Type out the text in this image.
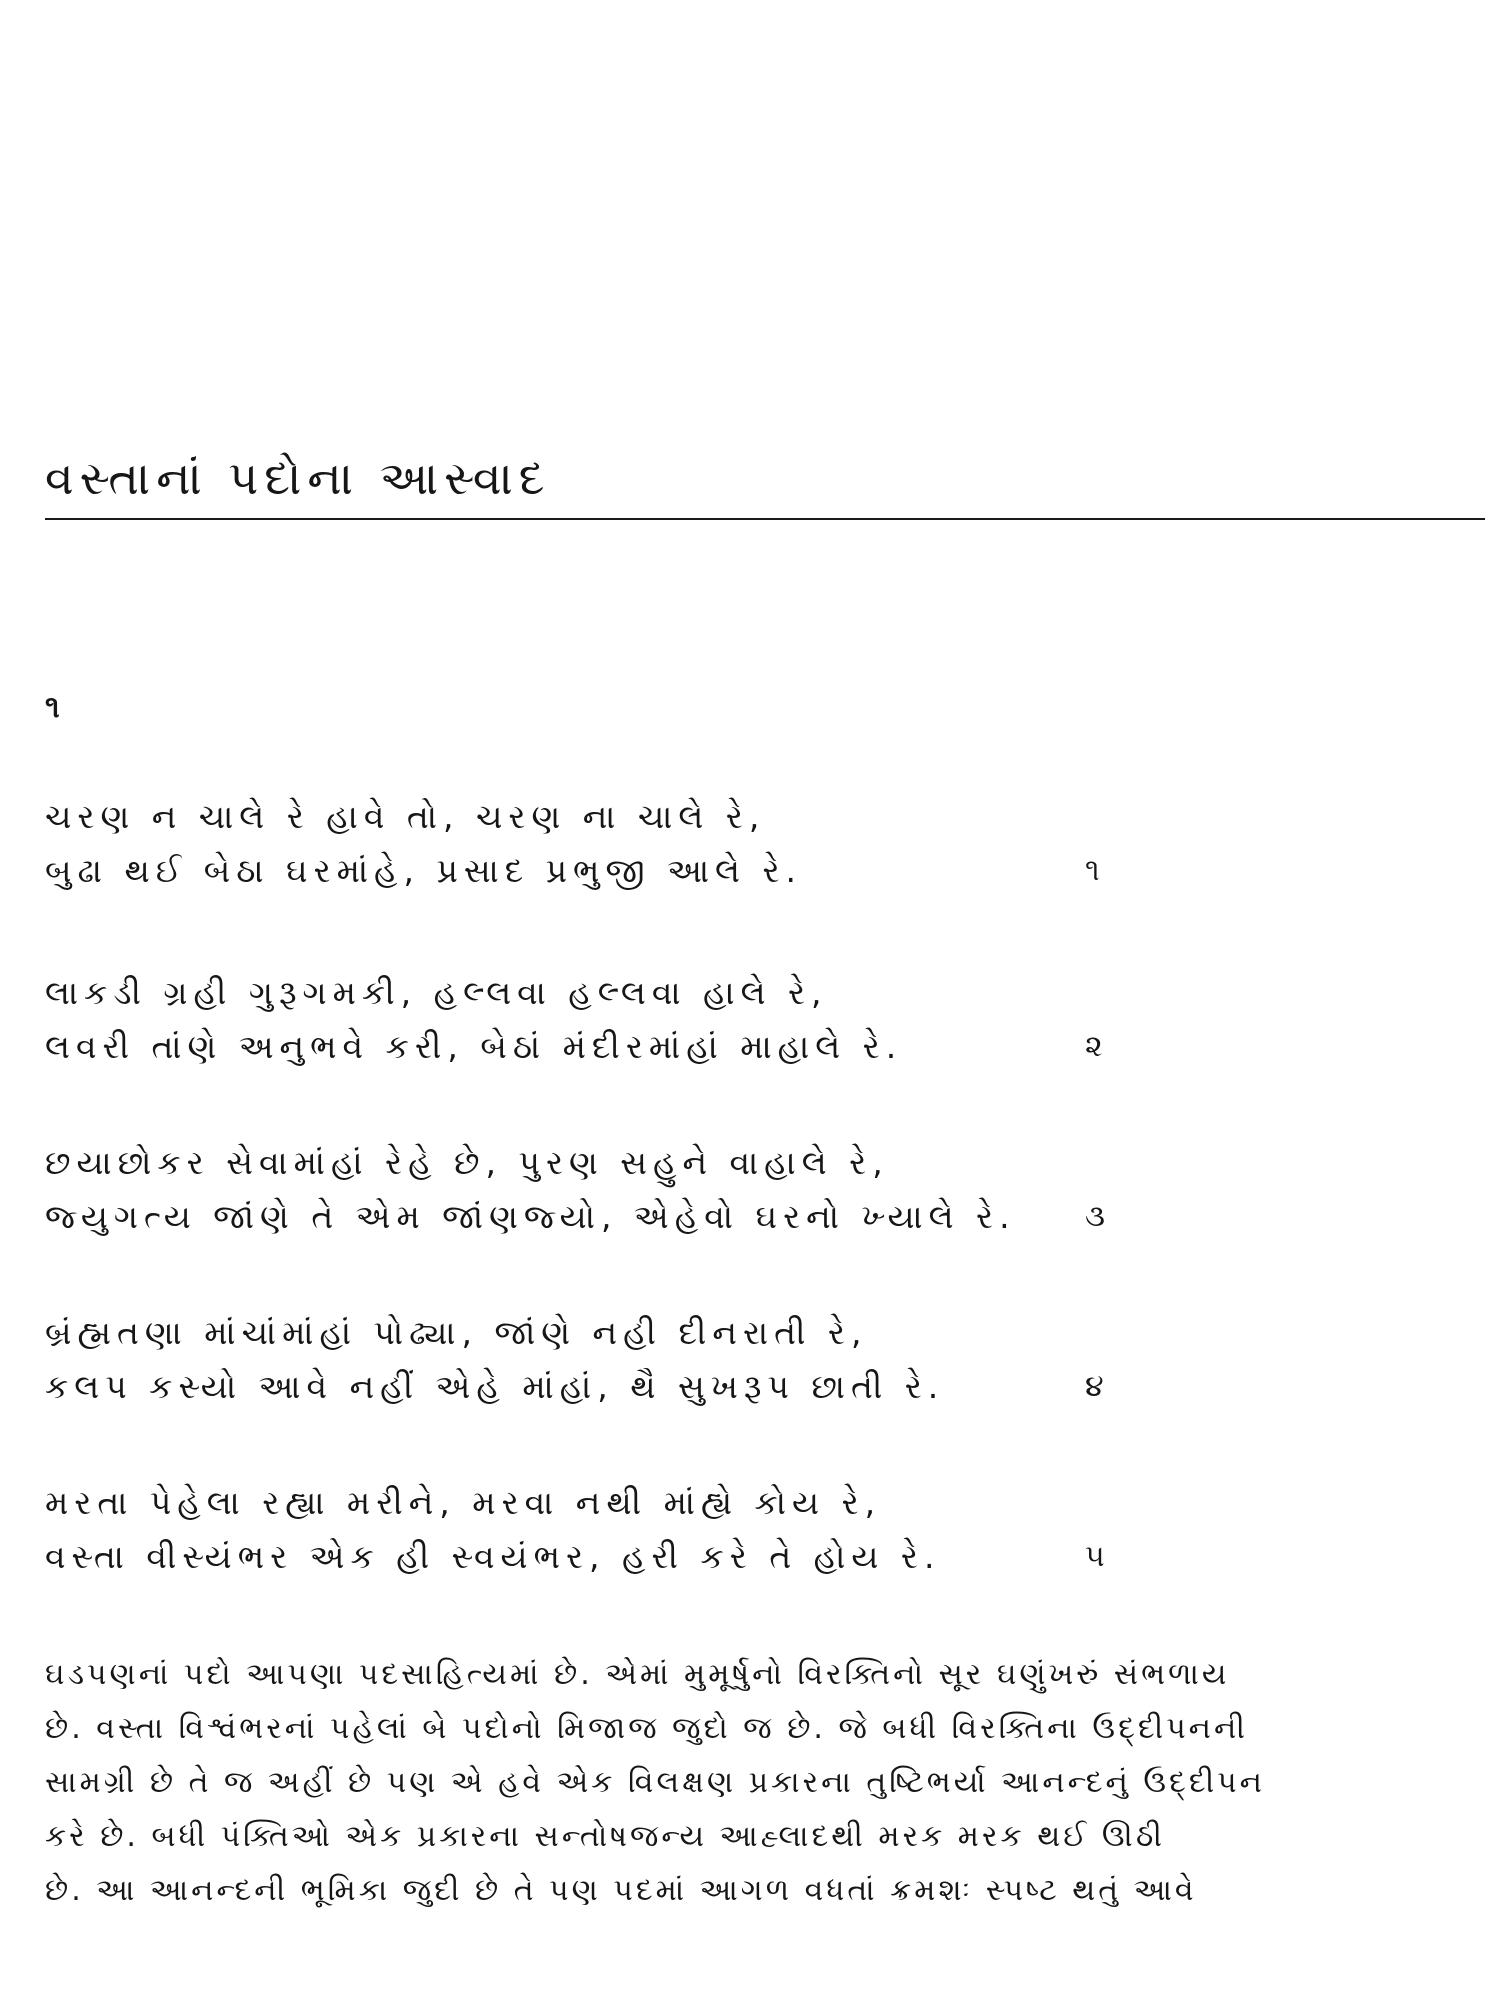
વસ્તાનાં પદોના આસ્વાદ
૧
ચરણ ન ચાલે રે હાવે તો, ચરણ ના ચાલે રે,
બુઢા થઈ બેઠા ઘરમાંહે, પ્રસાદ પ્રભુજી આલે રે.	૧
લાકડી ગ્રહી ગુરૂગમકી, હલ્લવા હલ્લવા હાલે રે,
લવરી તાંણે અનુભવે કરી, બેઠાં મંદીરમાંહાં માહાલે રે.	૨
છયાછોકર સેવામાંહાં રેહે છે, પુરણ સહુને વાહાલે રે,
જ્યુગત્ય જાંણે તે એમ જાંણજ્યો, એહેવો ઘરનો ખ્યાલે રે. ૩
બ્રંહ્મતણા માંચાંમાંહાં પોઢ્યા, જાંણે નહી દીનરાતી રે,
કલપ કસ્યો આવે નહીં એહે માંહાં, થૈ સુખરૂપ છાતી રે.	૪
મરતા પેહેલા રહ્યા મરીને, મરવા નથી માંહ્યે કોય રે,
વસ્તા વીસ્યંભર એક હી સ્વયંભર, હરી કરે તે હોય રે.	૫
ઘડપણનાં પદો આપણા પદસાહિત્યમાં છે. એમાં મુમૂર્ષુનો વિરક્તિનો સૂર ઘણુંખરું સંભળાય
છે. વસ્તા વિશ્વંભરનાં પહેલાં બે પદોનો મિજાજ જુદો જ છે. જે બધી વિરક્તિના ઉદ્દીપનની
સામગ્રી છે તે જ અહીં છે પણ એ હવે એક વિલક્ષણ પ્રકારના તુષ્ટિભર્યા આનન્દનું ઉદ્દીપન
કરે છે. બધી પંક્તિઓ એક પ્રકારના સન્તોષજન્ય આહ્લાદથી મરક મરક થઈ ઊઠી
છે. આ આનન્દની ભૂમિકા જુદી છે તે પણ પદમાં આગળ વધતાં ક્રમશઃ સ્પષ્ટ થતું આવે
